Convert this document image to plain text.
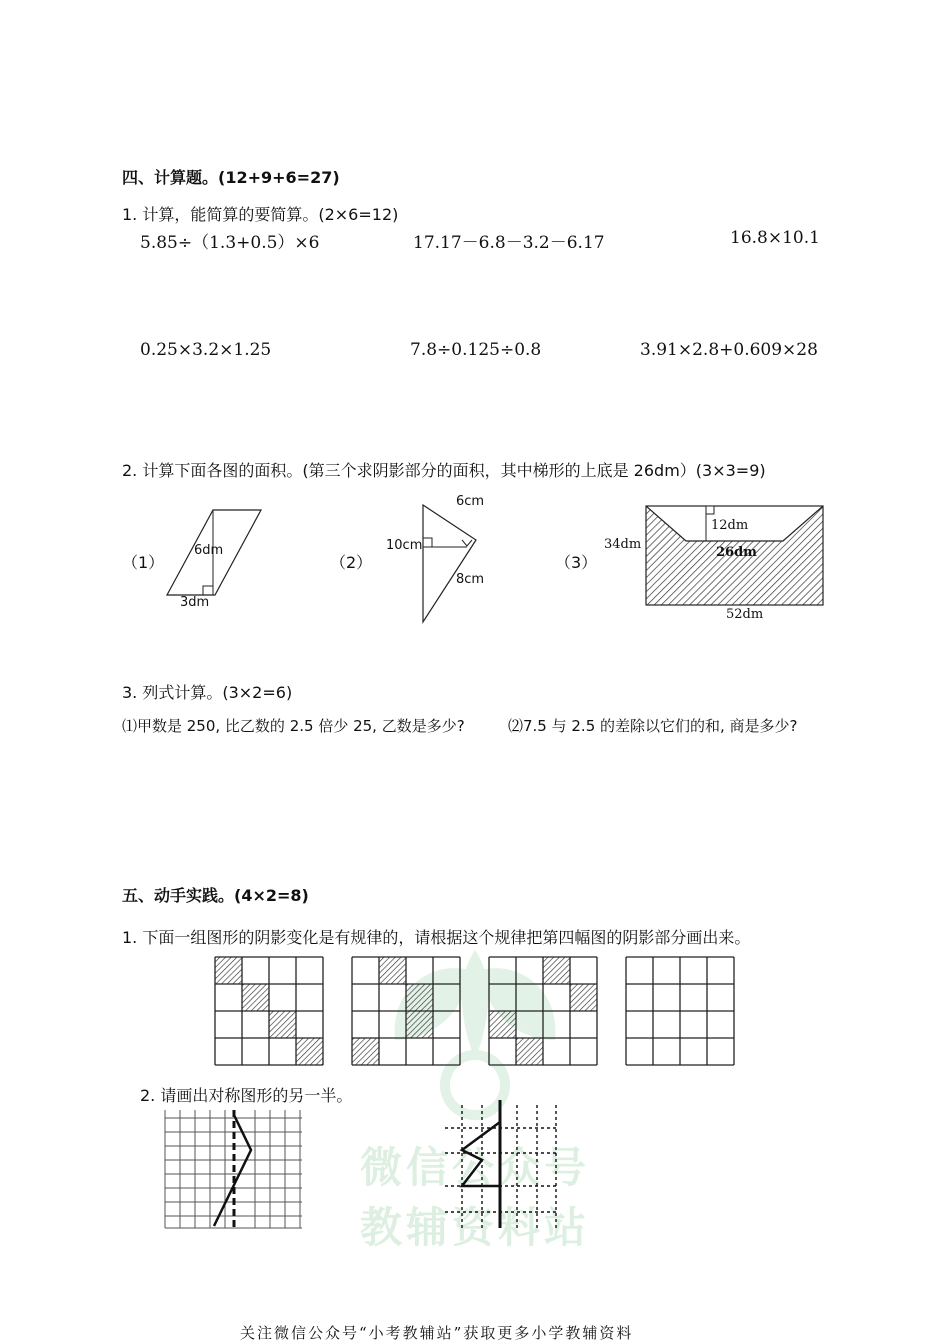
微信公众号
教辅资料站
四、计算题。(12+9+6=27)
1. 计算，能简算的要简算。(2×6=12)
5.85÷（1.3+0.5）×6	17.17－6.8－3.2－6.17	16.8×10.1
0.25×3.2×1.25	7.8÷0.125÷0.8	3.91×2.8+0.609×28
2. 计算下面各图的面积。(第三个求阴影部分的面积，其中梯形的上底是 26dm）(3×3=9)
（1）
6dm
3dm
（2）
6cm
10cm
8cm
（3）
34dm
12dm
26dm
52dm
3. 列式计算。(3×2=6)
⑴甲数是 250, 比乙数的 2.5 倍少 25, 乙数是多少?	⑵7.5 与 2.5 的差除以它们的和, 商是多少?
五、动手实践。(4×2=8)
1. 下面一组图形的阴影变化是有规律的，请根据这个规律把第四幅图的阴影部分画出来。
2. 请画出对称图形的另一半。
关注微信公众号“小考教辅站”获取更多小学教辅资料
